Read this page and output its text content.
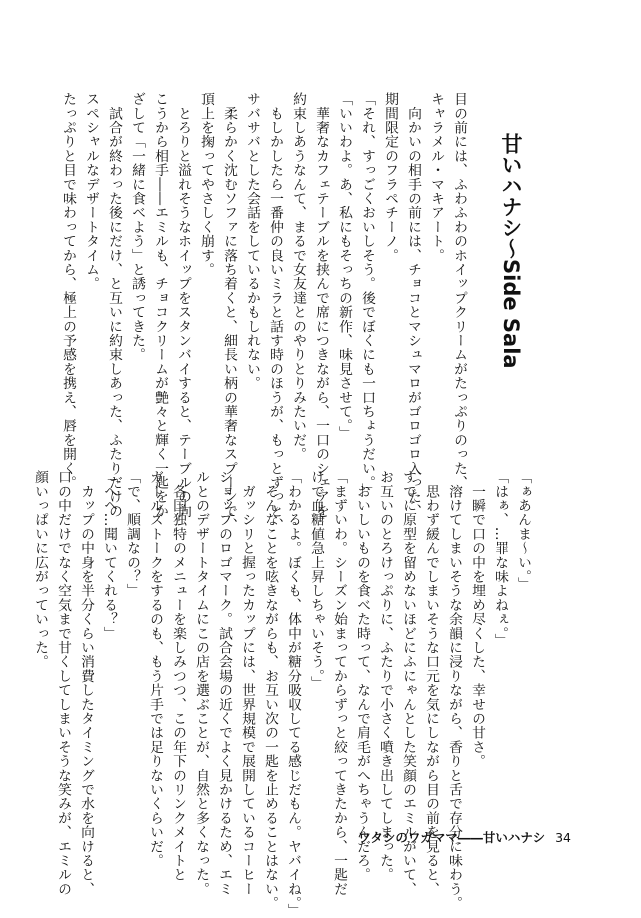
甘いハナシ〜Side Sala

目の前には、ふわふわのホイップクリームがたっぷりのった、

キャラメル・マキアート。

　向かいの相手の前には、チョコとマシュマロがゴロゴロ入った、

期間限定のフラペチーノ。

「それ、すっごくおいしそう。後でぼくにも一口ちょうだい。」

「いいわよ。あ、私にもそっちの新作、味見させて。」

　華奢なカフェテーブルを挟んで席につきながら、一口のシェアを

約束しあうなんて、まるで女友達とのやりとりみたいだ。

　もしかしたら一番仲の良いミラと話す時のほうが、もっとずっと、

サバサバとした会話をしているかもしれない。

　柔らかく沈むソファに落ち着くと、細長い柄の華奢なスプーンで、

頂上を掬ってやさしく崩す。

　とろりと溢れそうなホイップをスタンバイすると、テーブルの向

こうから相手――エミルも、チョコクリームが艶々と輝く一匙をか

ざして「一緒に食べよう」と誘ってきた。

　試合が終わった後にだけ、と互いに約束しあった、ふたりだけの

スペシャルなデザートタイム。

たっぷりと目で味わってから、極上の予感を携え、唇を開く。

「ぁあんま〜い。」

「はぁ、…罪な味よねぇ。」

　一瞬で口の中を埋め尽くした、幸せの甘さ。

　溶けてしまいそうな余韻に浸りながら、香りと舌で存分に味わう。

　思わず緩んでしまいそうな口元を気にしながら目の前を見ると、

すでに原型を留めないほどにふにゃんとした笑顔のエミルがいて、

お互いのとろけっぷりに、ふたりで小さく噴き出してしまった。

　おいしいものを食べた時って、なんで肩毛がへちゃうんだろ。

「まずいわ。シーズン始まってからずっと絞ってきたから、一匙だ

けで血糖値急上昇しちゃいそう。」

「わかるよ。ぼくも、体中が糖分吸収してる感じだもん。ヤバイね。」

　そんなことを呟きながらも、お互い次の一匙を止めることはない。

　ガッシリと握ったカップには、世界規模で展開しているコーヒー

ショップのロゴマーク。試合会場の近くでよく見かけるため、エミ

ルとのデザートタイムにこの店を選ぶことが、自然と多くなった。

　各国独特のメニューを楽しみつつ、この年下のリンクメイトと

ガールズトークをするのも、もう片手では足りないくらいだ。

「で、順調なの？」

「へへ…聞いてくれる？」

　カップの中身を半分くらい消費したタイミングで水を向けると、

口の中だけでなく空気まで甘くしてしまいそうな笑みが、エミルの

顔いっぱいに広がっていった。

ワタシのワガママ――甘いハナシ 34
